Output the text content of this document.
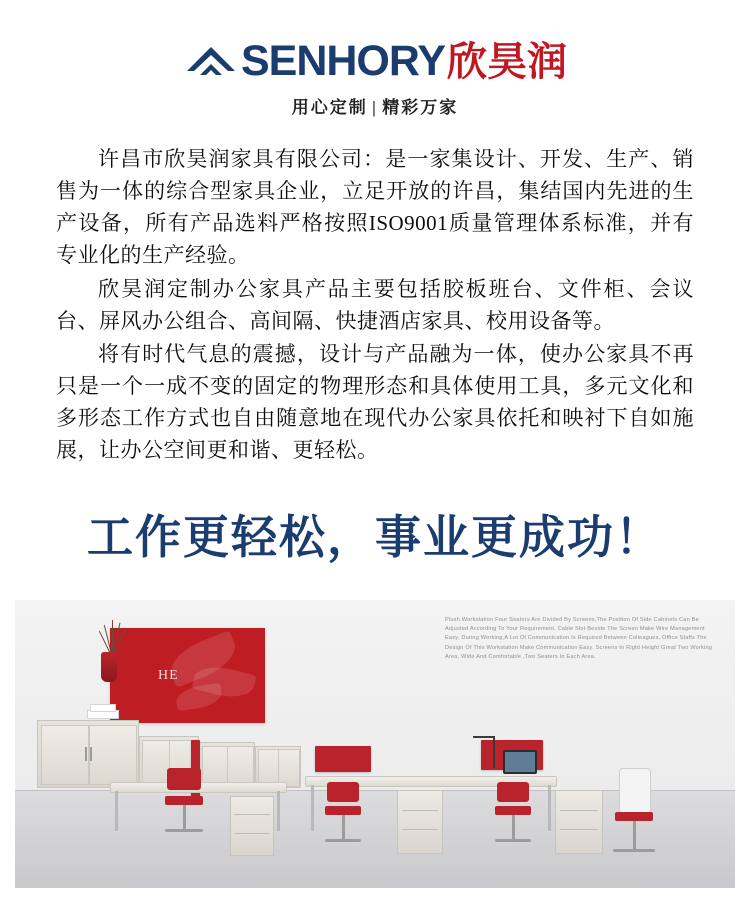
SENHORY 欣昊润
用心定制 | 精彩万家

许昌市欣昊润家具有限公司：是一家集设计、开发、生产、销售为一体的综合型家具企业，立足开放的许昌，集结国内先进的生产设备，所有产品选料严格按照ISO9001质量管理体系标准，并有专业化的生产经验。

欣昊润定制办公家具产品主要包括胶板班台、文件柜、会议台、屏风办公组合、高间隔、快捷酒店家具、校用设备等。

将有时代气息的震撼，设计与产品融为一体，使办公家具不再只是一个一成不变的固定的物理形态和具体使用工具，多元文化和多形态工作方式也自由随意地在现代办公家具依托和映衬下自如施展，让办公空间更和谐、更轻松。

工作更轻松，事业更成功！
HE
Plush Workstation Four Seaters Are Divided By Screens,The Position Of Side Cabinets Can Be Adjusted According To Your Requirement. Cable Slot Beside The Screen Make Wire Management Easy, During Working,A Lot Of Communication Is Required Between Colleagues, Office Staffs The Design Of This Workstation Make Communication Easy. Screens In Right Height Great Two Working Area, Wide And Comfortable ,Two Seaters In Each Area.
